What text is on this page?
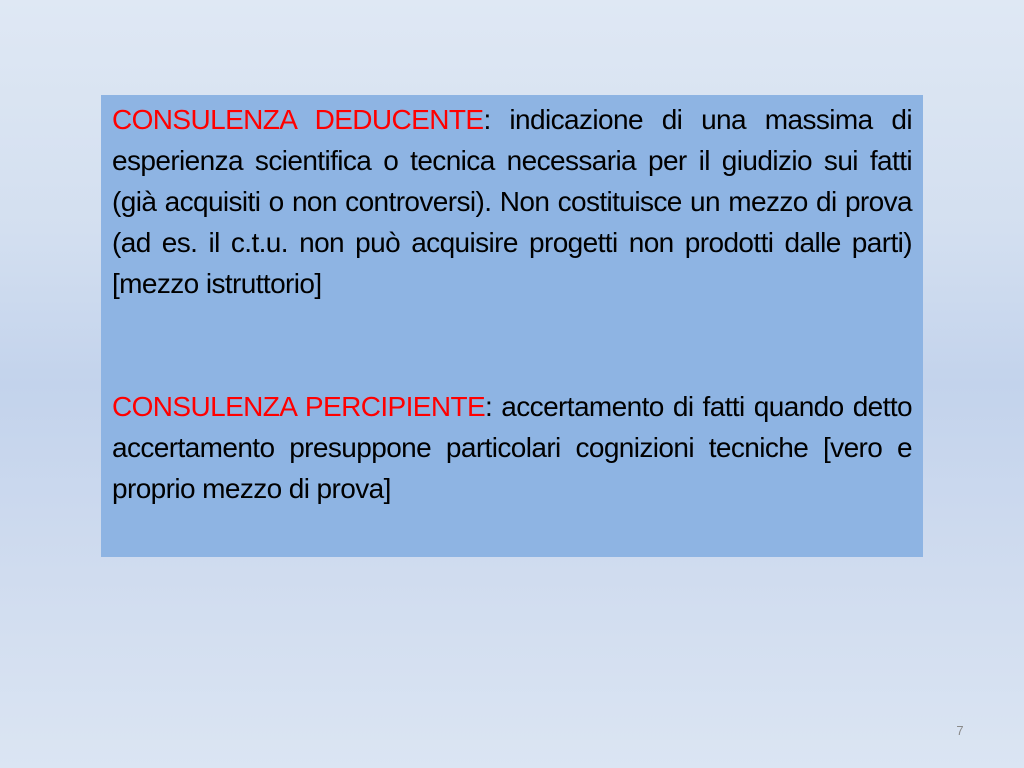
CONSULENZA DEDUCENTE: indicazione di una massima di esperienza scientifica o tecnica necessaria per il giudizio sui fatti (già acquisiti o non controversi). Non costituisce un mezzo di prova (ad es. il c.t.u. non può acquisire progetti non prodotti dalle parti) [mezzo istruttorio]

CONSULENZA PERCIPIENTE: accertamento di fatti quando detto accertamento presuppone particolari cognizioni tecniche [vero e proprio mezzo di prova]

7
